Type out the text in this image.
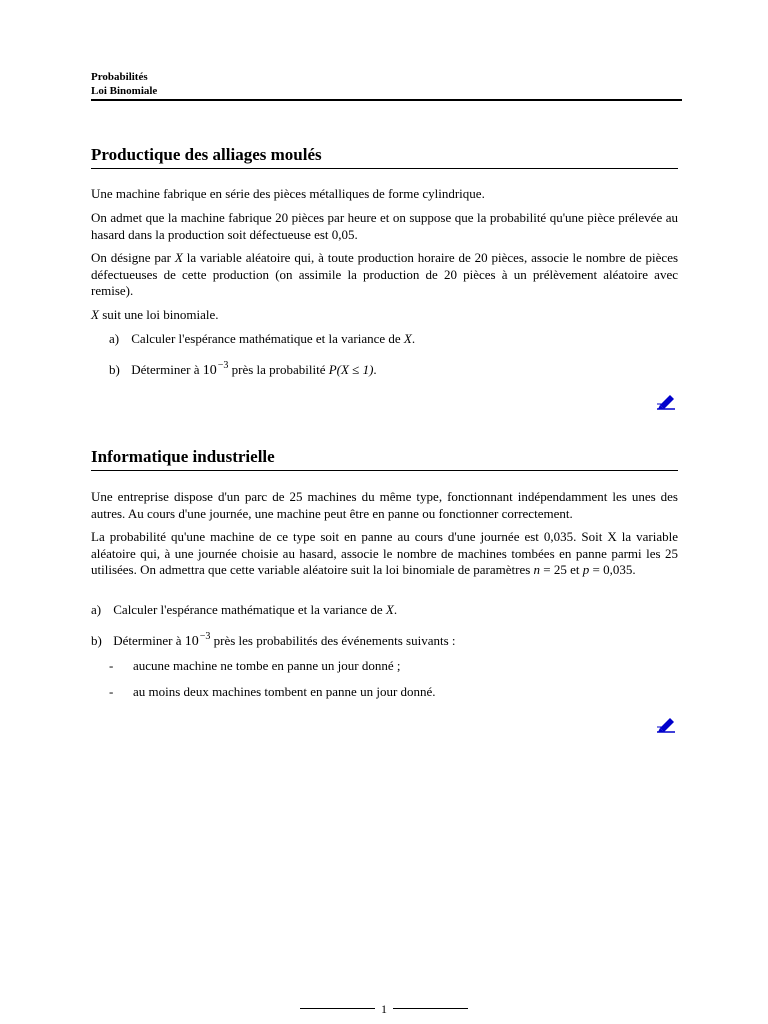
Probabilités
Loi Binomiale
Productique des alliages moulés
Une machine fabrique en série des pièces métalliques de forme cylindrique.
On admet que la machine fabrique 20 pièces par heure et on suppose que la probabilité qu'une pièce prélevée au hasard dans la production soit défectueuse est 0,05.
On désigne par X la variable aléatoire qui, à toute production horaire de 20 pièces, associe le nombre de pièces défectueuses de cette production (on assimile la production de 20 pièces à un prélèvement aléatoire avec remise).
X suit une loi binomiale.
a) Calculer l'espérance mathématique et la variance de X.
b) Déterminer à $10^{-3}$ près la probabilité P(X ≤ 1).
Informatique industrielle
Une entreprise dispose d'un parc de 25 machines du même type, fonctionnant indépendamment les unes des autres. Au cours d'une journée, une machine peut être en panne ou fonctionner correctement.
La probabilité qu'une machine de ce type soit en panne au cours d'une journée est 0,035. Soit X la variable aléatoire qui, à une journée choisie au hasard, associe le nombre de machines tombées en panne parmi les 25 utilisées. On admettra que cette variable aléatoire suit la loi binomiale de paramètres n = 25 et p = 0,035.
a) Calculer l'espérance mathématique et la variance de X.
b) Déterminer à $10^{-3}$ près les probabilités des événements suivants :
- aucune machine ne tombe en panne un jour donné ;
- au moins deux machines tombent en panne un jour donné.
1
